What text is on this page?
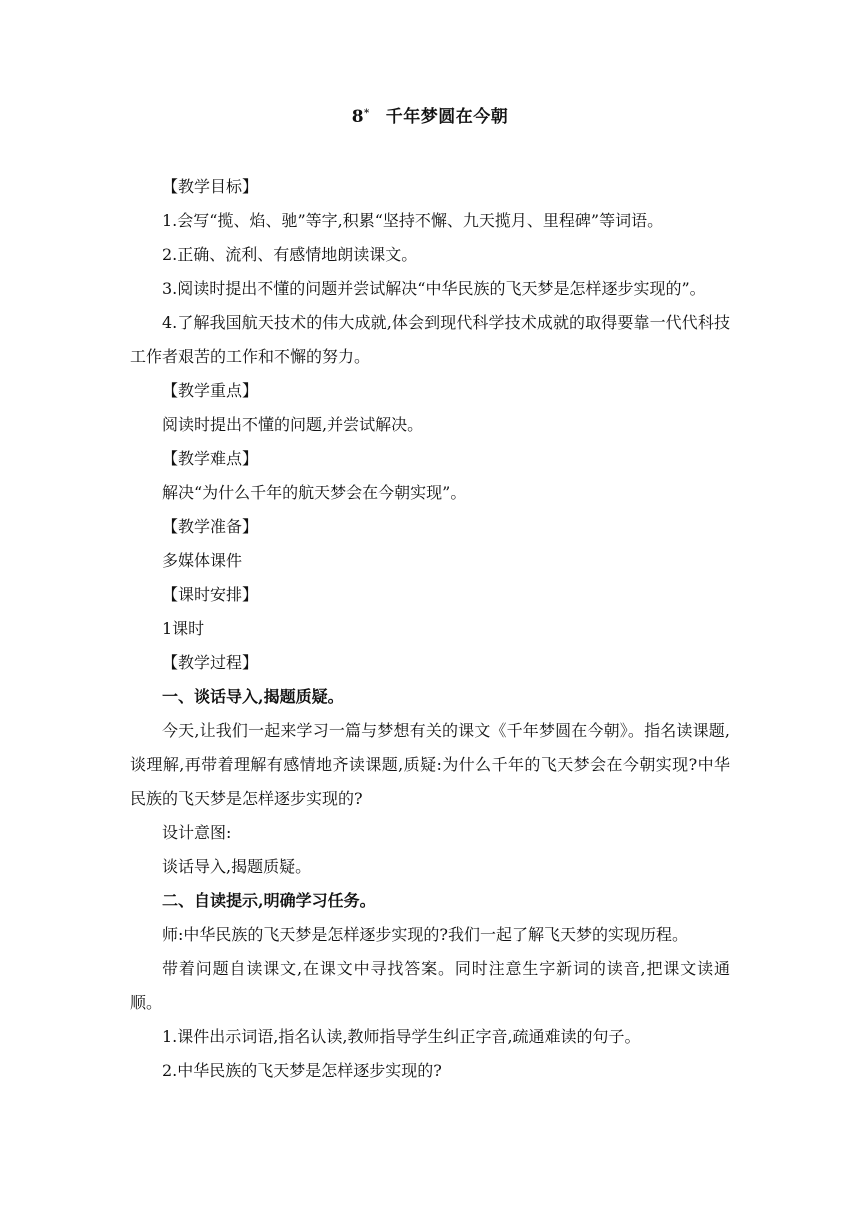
8* 千年梦圆在今朝

【教学目标】

1.会写“揽、焰、驰”等字,积累“坚持不懈、九天揽月、里程碑”等词语。

2.正确、流利、有感情地朗读课文。

3.阅读时提出不懂的问题并尝试解决“中华民族的飞天梦是怎样逐步实现的”。

4.了解我国航天技术的伟大成就,体会到现代科学技术成就的取得要靠一代代科技工作者艰苦的工作和不懈的努力。

【教学重点】

阅读时提出不懂的问题,并尝试解决。

【教学难点】

解决“为什么千年的航天梦会在今朝实现”。

【教学准备】

多媒体课件

【课时安排】

1课时

【教学过程】

一、谈话导入,揭题质疑。

今天,让我们一起来学习一篇与梦想有关的课文《千年梦圆在今朝》。指名读课题,谈理解,再带着理解有感情地齐读课题,质疑:为什么千年的飞天梦会在今朝实现?中华民族的飞天梦是怎样逐步实现的?

设计意图:

谈话导入,揭题质疑。

二、自读提示,明确学习任务。

师:中华民族的飞天梦是怎样逐步实现的?我们一起了解飞天梦的实现历程。

带着问题自读课文,在课文中寻找答案。同时注意生字新词的读音,把课文读通顺。

1.课件出示词语,指名认读,教师指导学生纠正字音,疏通难读的句子。

2.中华民族的飞天梦是怎样逐步实现的?
